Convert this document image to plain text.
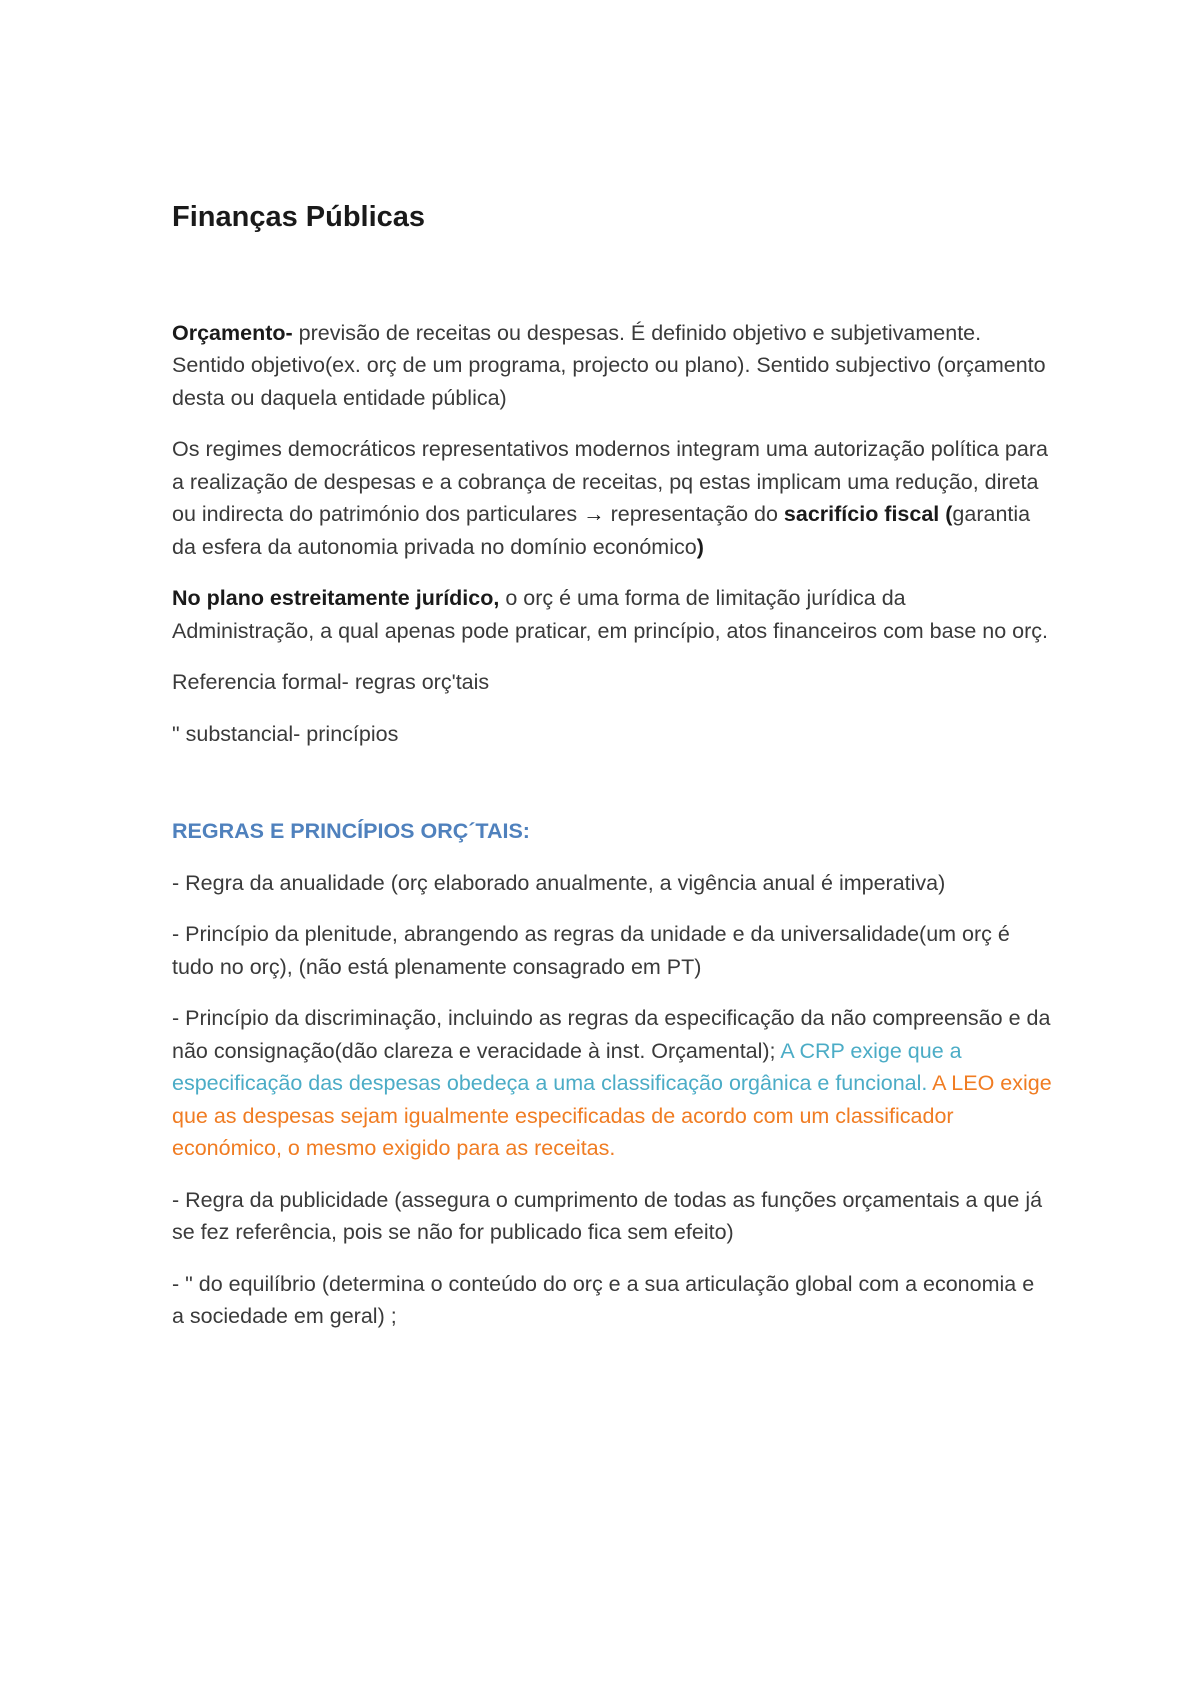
Finanças Públicas

Orçamento- previsão de receitas ou despesas. É definido objetivo e subjetivamente. Sentido objetivo(ex. orç de um programa, projecto ou plano). Sentido subjectivo (orçamento desta ou daquela entidade pública)

Os regimes democráticos representativos modernos integram uma autorização política para a realização de despesas e a cobrança de receitas, pq estas implicam uma redução, direta ou indirecta do património dos particulares → representação do sacrifício fiscal (garantia da esfera da autonomia privada no domínio económico)

No plano estreitamente jurídico, o orç é uma forma de limitação jurídica da Administração, a qual apenas pode praticar, em princípio, atos financeiros com base no orç.

Referencia formal- regras orç'tais

" substancial- princípios

REGRAS E PRINCÍPIOS ORÇ´TAIS:

- Regra da anualidade (orç elaborado anualmente, a vigência anual é imperativa)

- Princípio da plenitude, abrangendo as regras da unidade e da universalidade(um orç é tudo no orç), (não está plenamente consagrado em PT)

- Princípio da discriminação, incluindo as regras da especificação da não compreensão e da não consignação(dão clareza e veracidade à inst. Orçamental); A CRP exige que a especificação das despesas obedeça a uma classificação orgânica e funcional. A LEO exige que as despesas sejam igualmente especificadas de acordo com um classificador económico, o mesmo exigido para as receitas.

- Regra da publicidade (assegura o cumprimento de todas as funções orçamentais a que já se fez referência, pois se não for publicado fica sem efeito)

- " do equilíbrio (determina o conteúdo do orç e a sua articulação global com a economia e a sociedade em geral) ;
